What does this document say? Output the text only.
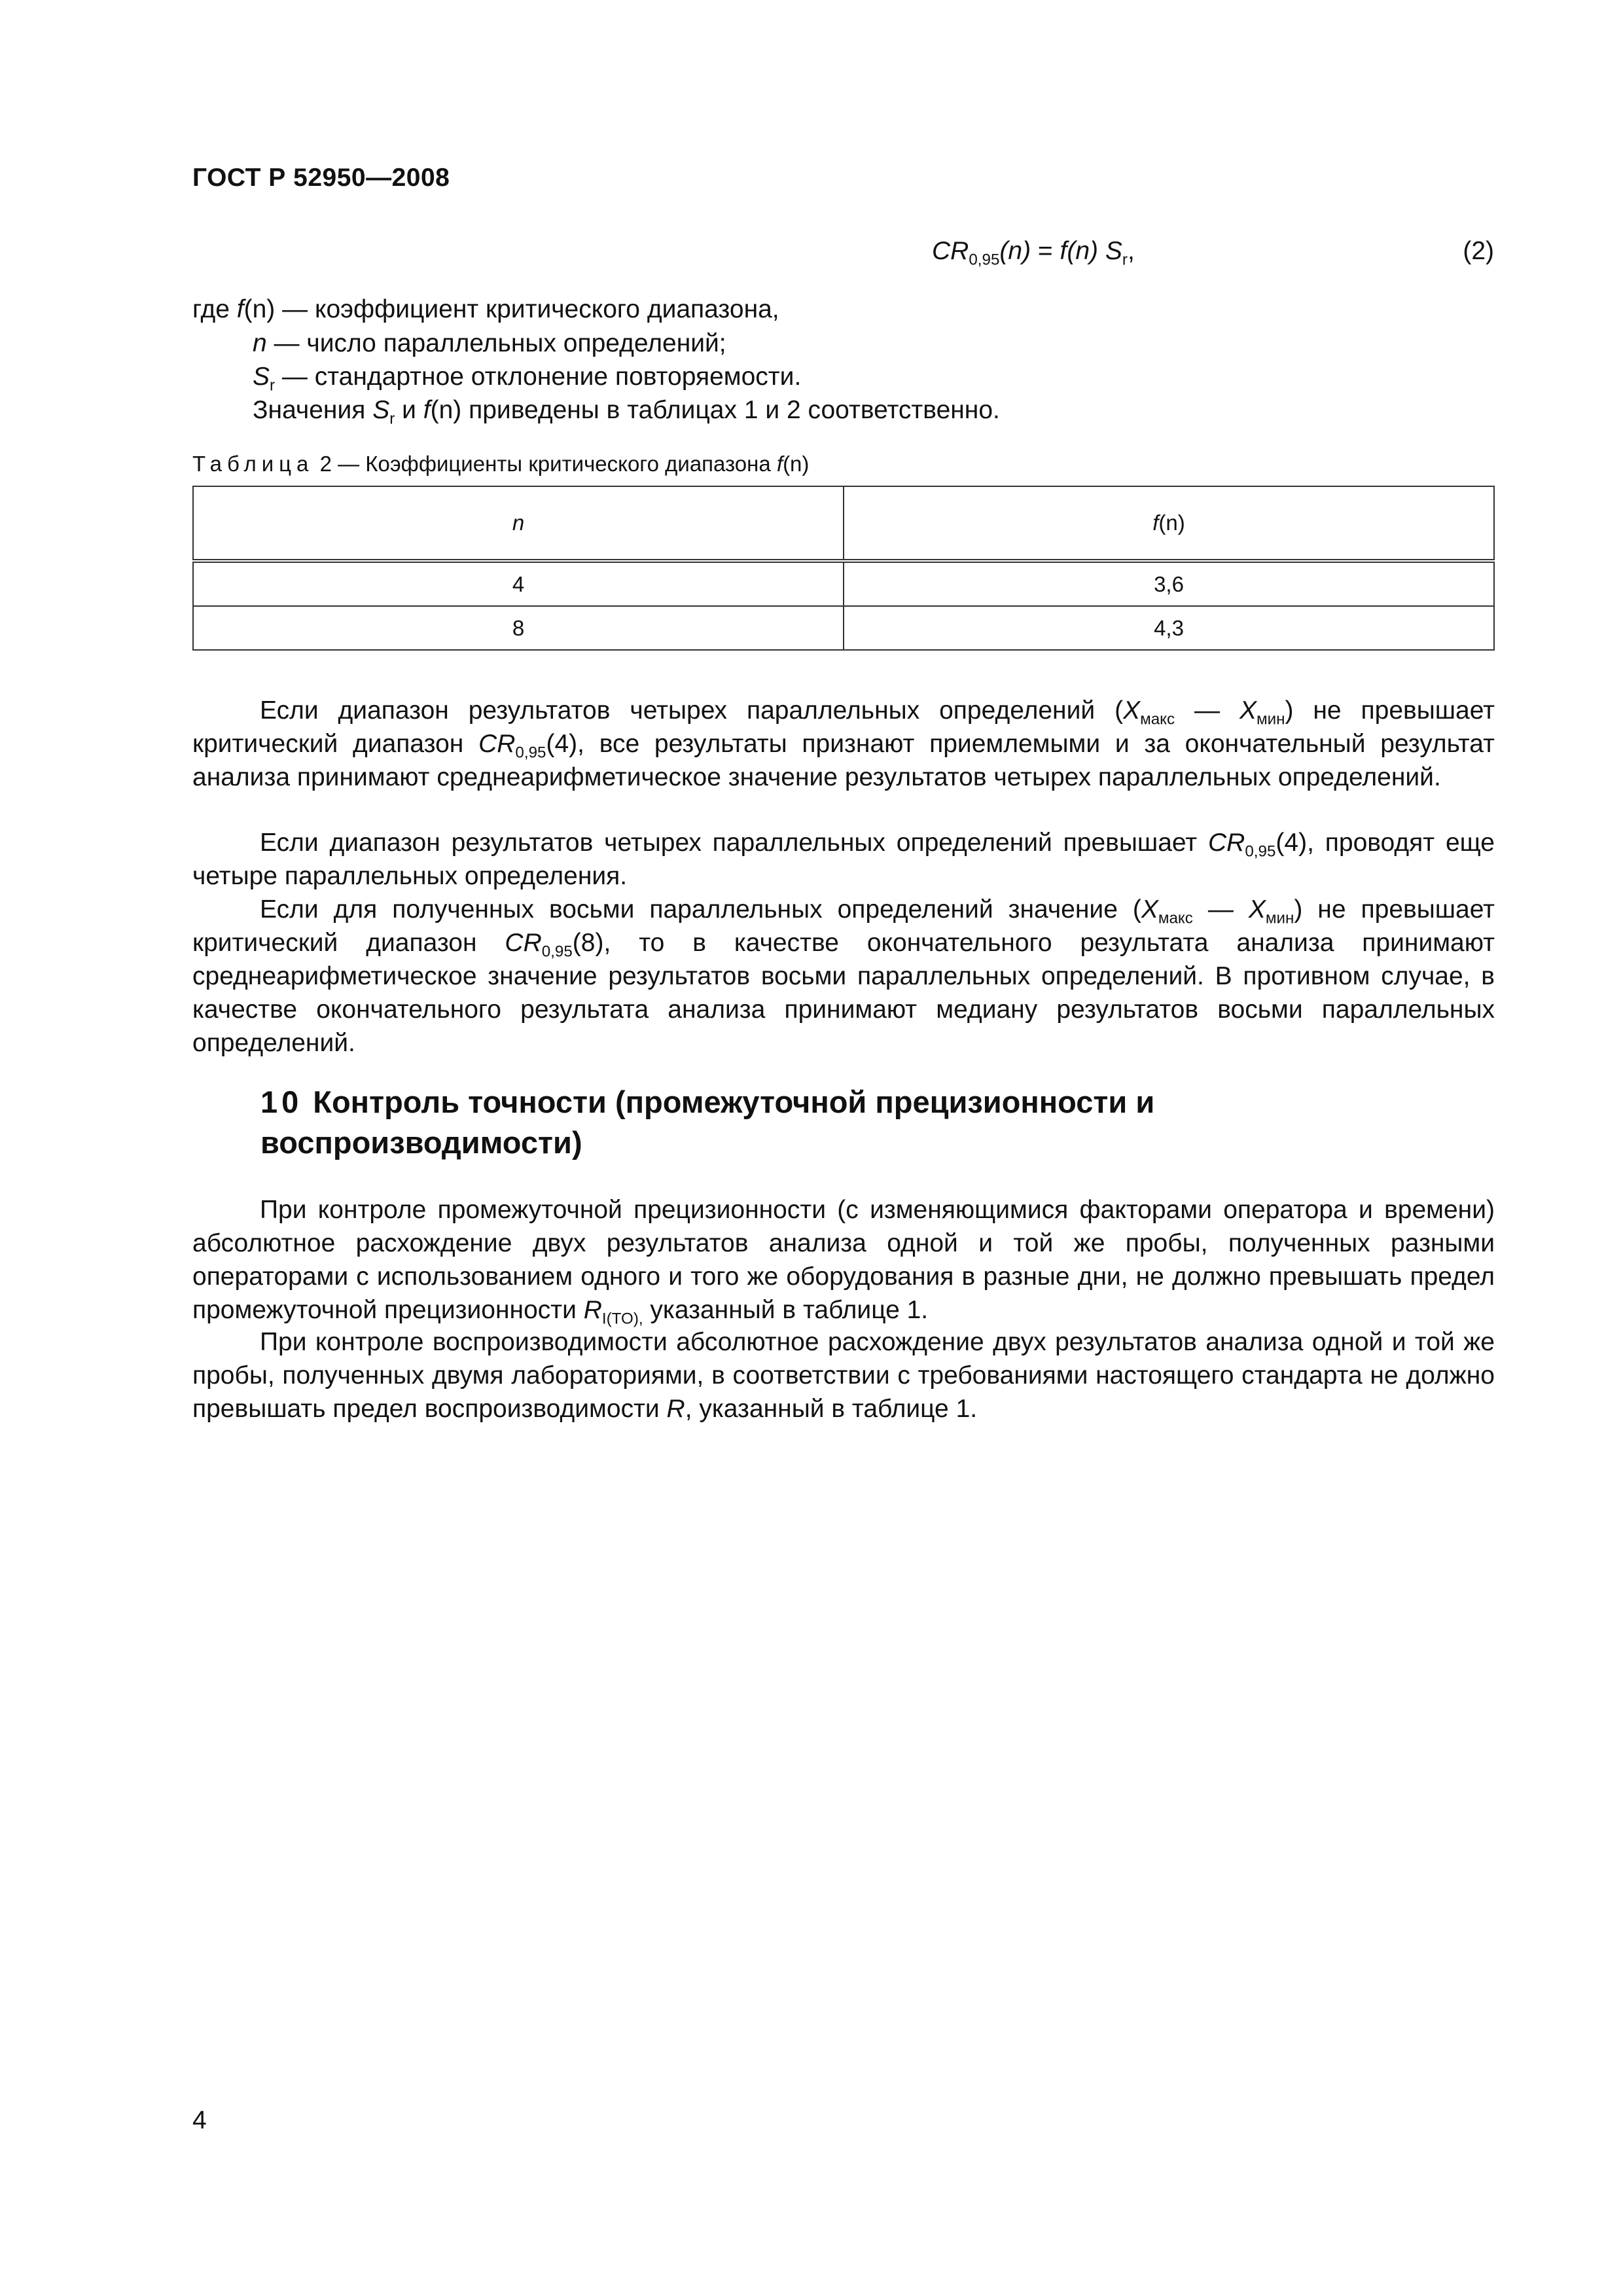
ГОСТ Р 52950—2008
$CR_{0,95}(n) = f(n)$ $S_r$,	(2)
где f(n) — коэффициент критического диапазона,
n — число параллельных определений;
$S_r$ — стандартное отклонение повторяемости.
Значения $S_r$ и f(n) приведены в таблицах 1 и 2 соответственно.
Таблица 2 — Коэффициенты критического диапазона f(n)
n	f(n)
4	3,6
8	4,3

Если диапазон результатов четырех параллельных определений ($X_{макс}$ — $X_{мин}$) не превышает критический диапазон $CR_{0,95}(4)$, все результаты признают приемлемыми и за окончательный результат анализа принимают среднеарифметическое значение результатов четырех параллельных определений.

Если диапазон результатов четырех параллельных определений превышает $CR_{0,95}(4)$, проводят еще четыре параллельных определения.

Если для полученных восьми параллельных определений значение ($X_{макс}$ — $X_{мин}$) не превышает критический диапазон $CR_{0,95}(8)$, то в качестве окончательного результата анализа принимают среднеарифметическое значение результатов восьми параллельных определений. В противном случае, в качестве окончательного результата анализа принимают медиану результатов восьми параллельных определений.

10 Контроль точности (промежуточной прецизионности и воспроизводимости)

При контроле промежуточной прецизионности (с изменяющимися факторами оператора и времени) абсолютное расхождение двух результатов анализа одной и той же пробы, полученных разными операторами с использованием одного и того же оборудования в разные дни, не должно превышать предел промежуточной прецизионности $R_{I(TO),}$ указанный в таблице 1.

При контроле воспроизводимости абсолютное расхождение двух результатов анализа одной и той же пробы, полученных двумя лабораториями, в соответствии с требованиями настоящего стандарта не должно превышать предел воспроизводимости R, указанный в таблице 1.

4
